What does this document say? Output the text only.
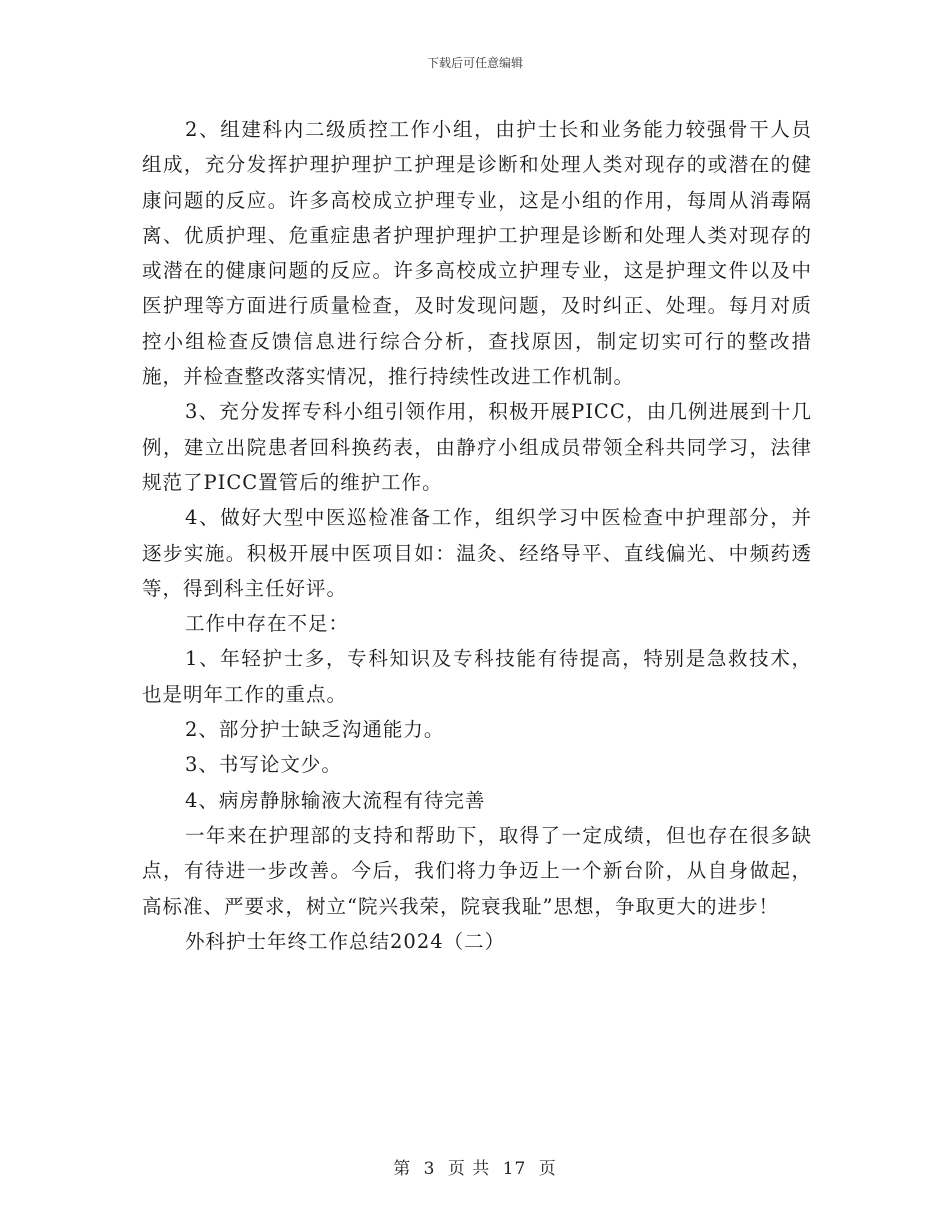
下载后可任意编辑

2、组建科内二级质控工作小组，由护士长和业务能力较强骨干人员组成，充分发挥护理护理护工护理是诊断和处理人类对现存的或潜在的健康问题的反应。许多高校成立护理专业，这是小组的作用，每周从消毒隔离、优质护理、危重症患者护理护理护工护理是诊断和处理人类对现存的或潜在的健康问题的反应。许多高校成立护理专业，这是护理文件以及中医护理等方面进行质量检查，及时发现问题，及时纠正、处理。每月对质控小组检查反馈信息进行综合分析，查找原因，制定切实可行的整改措施，并检查整改落实情况，推行持续性改进工作机制。

3、充分发挥专科小组引领作用，积极开展PICC，由几例进展到十几例，建立出院患者回科换药表，由静疗小组成员带领全科共同学习，法律规范了PICC置管后的维护工作。

4、做好大型中医巡检准备工作，组织学习中医检查中护理部分，并逐步实施。积极开展中医项目如：温灸、经络导平、直线偏光、中频药透等，得到科主任好评。

工作中存在不足：

1、年轻护士多，专科知识及专科技能有待提高，特别是急救技术，也是明年工作的重点。

2、部分护士缺乏沟通能力。

3、书写论文少。

4、病房静脉输液大流程有待完善

一年来在护理部的支持和帮助下，取得了一定成绩，但也存在很多缺点，有待进一步改善。今后，我们将力争迈上一个新台阶，从自身做起，高标准、严要求，树立“院兴我荣，院衰我耻”思想，争取更大的进步！

外科护士年终工作总结2024（二）

第 3 页 共 17 页
